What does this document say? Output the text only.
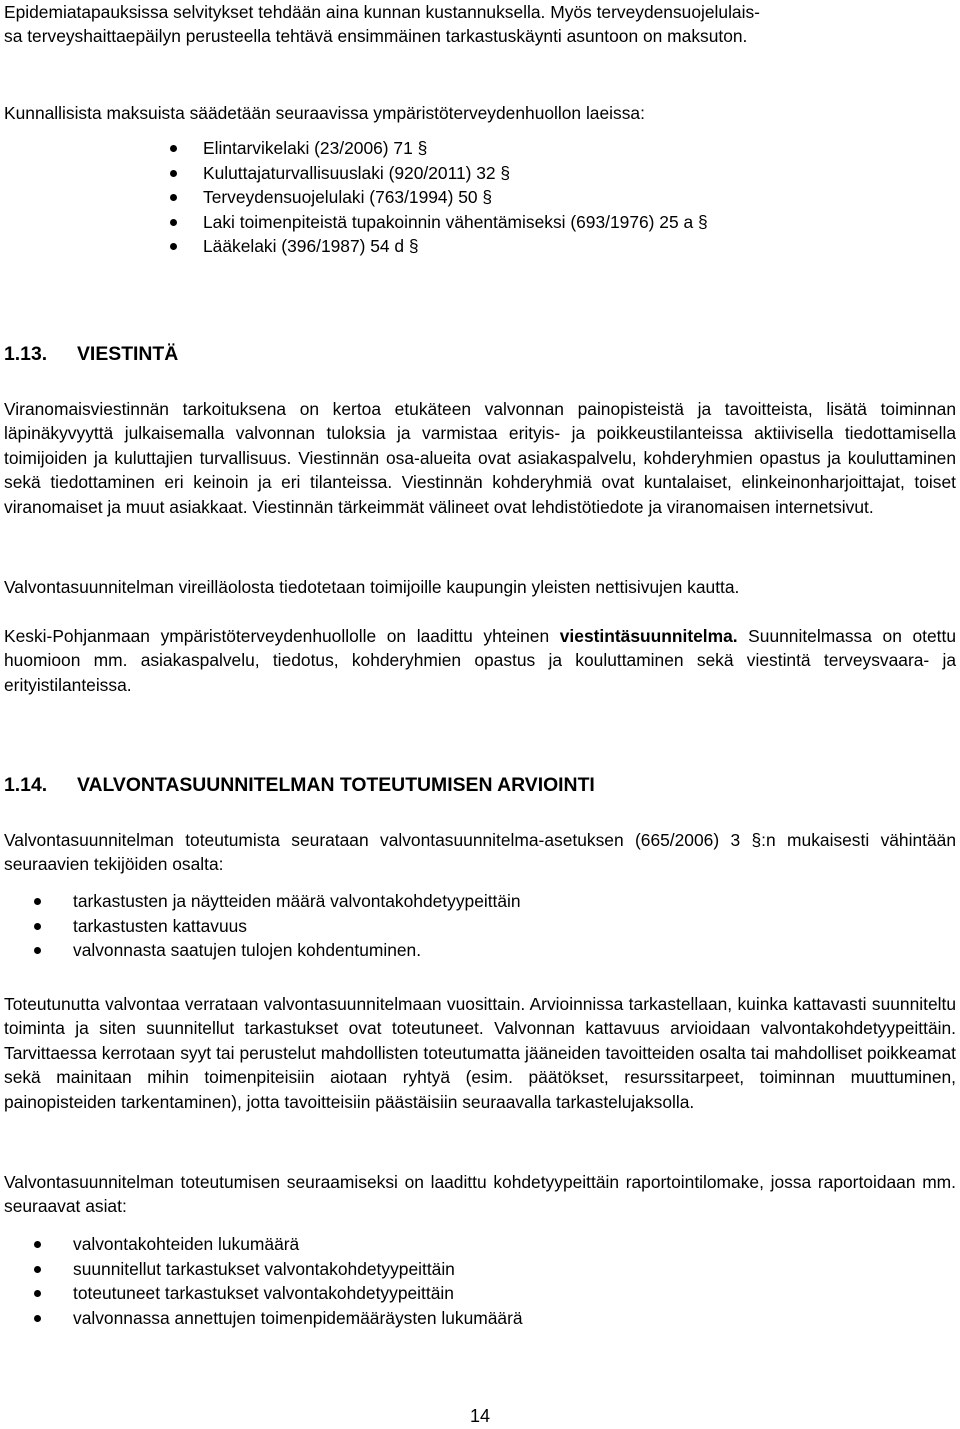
Epidemiatapauksissa selvitykset tehdään aina kunnan kustannuksella. Myös terveydensuojelulais-

sa terveyshaittaepäilyn perusteella tehtävä ensimmäinen tarkastuskäynti asuntoon on maksuton.

Kunnallisista maksuista säädetään seuraavissa ympäristöterveydenhuollon laeissa:

Elintarvikelaki (23/2006) 71 §
Kuluttajaturvallisuuslaki (920/2011) 32 §
Terveydensuojelulaki (763/1994) 50 §
Laki toimenpiteistä tupakoinnin vähentämiseksi (693/1976) 25 a §
Lääkelaki (396/1987) 54 d §
1.13. VIESTINTÄ

Viranomaisviestinnän tarkoituksena on kertoa etukäteen valvonnan painopisteistä ja tavoitteista, lisätä toiminnan läpinäkyvyyttä julkaisemalla valvonnan tuloksia ja varmistaa erityis- ja poikkeustilanteissa aktiivisella tiedottamisella toimijoiden ja kuluttajien turvallisuus. Viestinnän osa-alueita ovat asiakaspalvelu, kohderyhmien opastus ja kouluttaminen sekä tiedottaminen eri keinoin ja eri tilanteissa. Viestinnän kohderyhmiä ovat kuntalaiset, elinkeinonharjoittajat, toiset viranomaiset ja muut asiakkaat. Viestinnän tärkeimmät välineet ovat lehdistötiedote ja viranomaisen internetsivut.

Valvontasuunnitelman vireilläolosta tiedotetaan toimijoille kaupungin yleisten nettisivujen kautta.

Keski-Pohjanmaan ympäristöterveydenhuollolle on laadittu yhteinen viestintäsuunnitelma. Suunnitelmassa on otettu huomioon mm. asiakaspalvelu, tiedotus, kohderyhmien opastus ja kouluttaminen sekä viestintä terveysvaara- ja erityistilanteissa.

1.14. VALVONTASUUNNITELMAN TOTEUTUMISEN ARVIOINTI

Valvontasuunnitelman toteutumista seurataan valvontasuunnitelma-asetuksen (665/2006) 3 §:n mukaisesti vähintään seuraavien tekijöiden osalta:

tarkastusten ja näytteiden määrä valvontakohdetyypeittäin
tarkastusten kattavuus
valvonnasta saatujen tulojen kohdentuminen.

Toteutunutta valvontaa verrataan valvontasuunnitelmaan vuosittain. Arvioinnissa tarkastellaan, kuinka kattavasti suunniteltu toiminta ja siten suunnitellut tarkastukset ovat toteutuneet. Valvonnan kattavuus arvioidaan valvontakohdetyypeittäin. Tarvittaessa kerrotaan syyt tai perustelut mahdollisten toteutumatta jääneiden tavoitteiden osalta tai mahdolliset poikkeamat sekä mainitaan mihin toimenpiteisiin aiotaan ryhtyä (esim. päätökset, resurssitarpeet, toiminnan muuttuminen, painopisteiden tarkentaminen), jotta tavoitteisiin päästäisiin seuraavalla tarkastelujaksolla.

Valvontasuunnitelman toteutumisen seuraamiseksi on laadittu kohdetyypeittäin raportointilomake, jossa raportoidaan mm. seuraavat asiat:

valvontakohteiden lukumäärä
suunnitellut tarkastukset valvontakohdetyypeittäin
toteutuneet tarkastukset valvontakohdetyypeittäin
valvonnassa annettujen toimenpidemääräysten lukumäärä
14
